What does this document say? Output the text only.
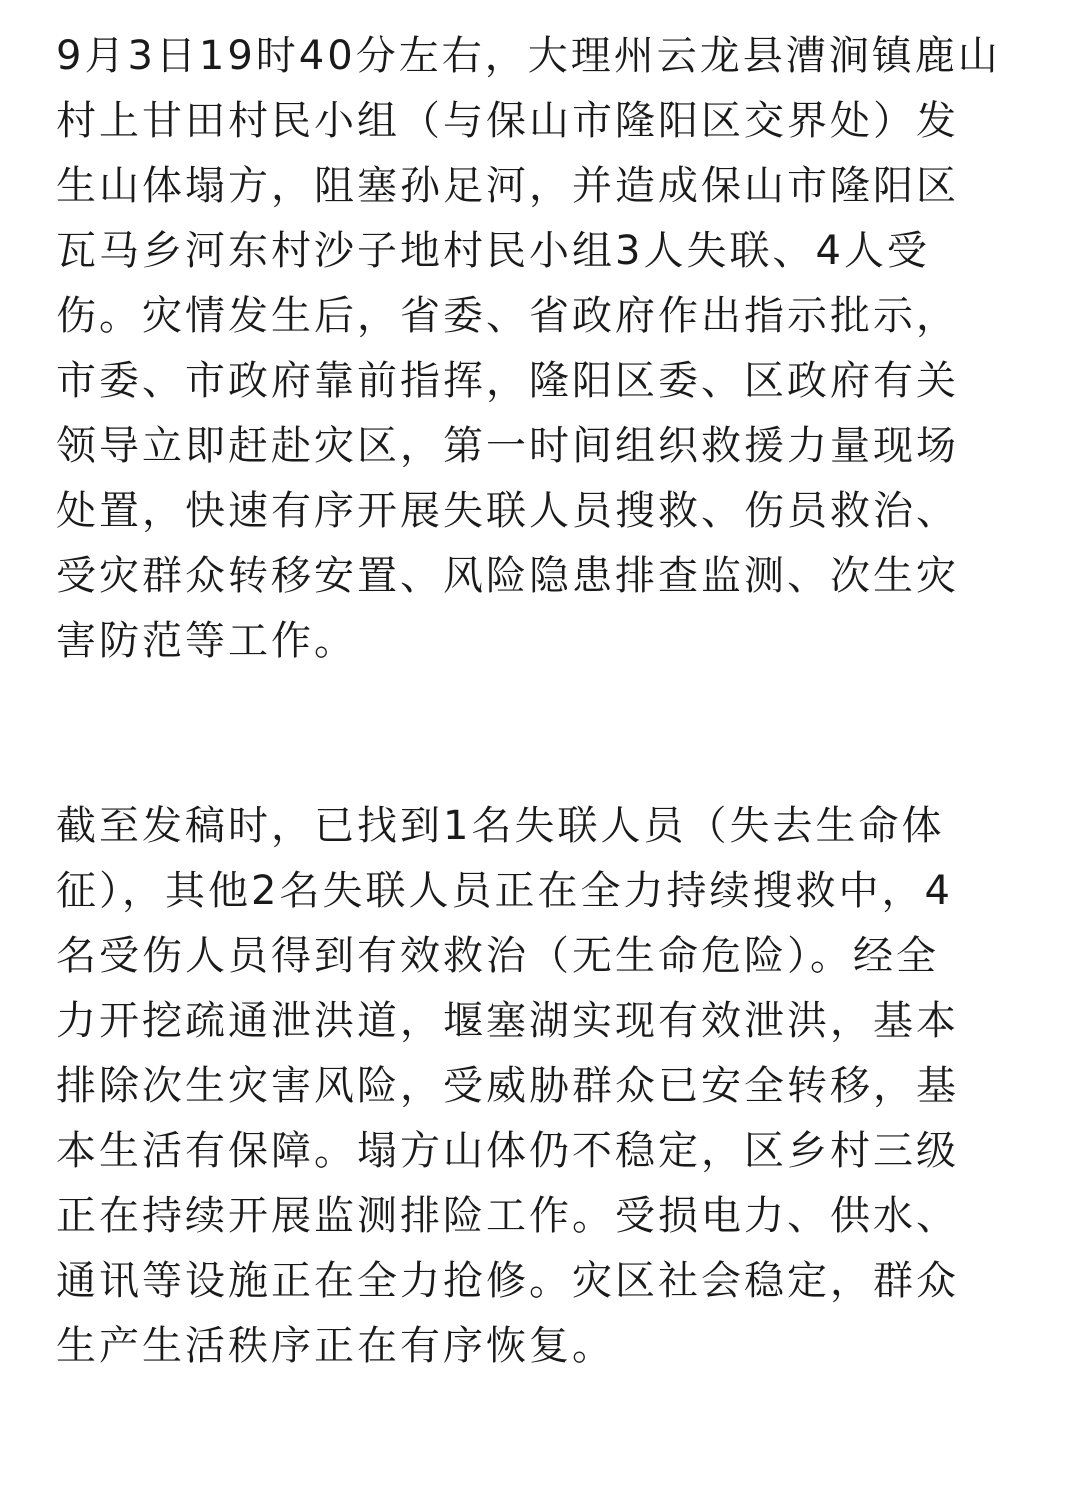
9月3日19时40分左右，大理州云龙县漕涧镇鹿山
村上甘田村民小组（与保山市隆阳区交界处）发
生山体塌方，阻塞孙足河，并造成保山市隆阳区
瓦马乡河东村沙子地村民小组3人失联、4人受
伤。灾情发生后，省委、省政府作出指示批示，
市委、市政府靠前指挥，隆阳区委、区政府有关
领导立即赶赴灾区，第一时间组织救援力量现场
处置，快速有序开展失联人员搜救、伤员救治、
受灾群众转移安置、风险隐患排查监测、次生灾
害防范等工作。
截至发稿时，已找到1名失联人员（失去生命体
征），其他2名失联人员正在全力持续搜救中，4
名受伤人员得到有效救治（无生命危险）。经全
力开挖疏通泄洪道，堰塞湖实现有效泄洪，基本
排除次生灾害风险，受威胁群众已安全转移，基
本生活有保障。塌方山体仍不稳定，区乡村三级
正在持续开展监测排险工作。受损电力、供水、
通讯等设施正在全力抢修。灾区社会稳定，群众
生产生活秩序正在有序恢复。
